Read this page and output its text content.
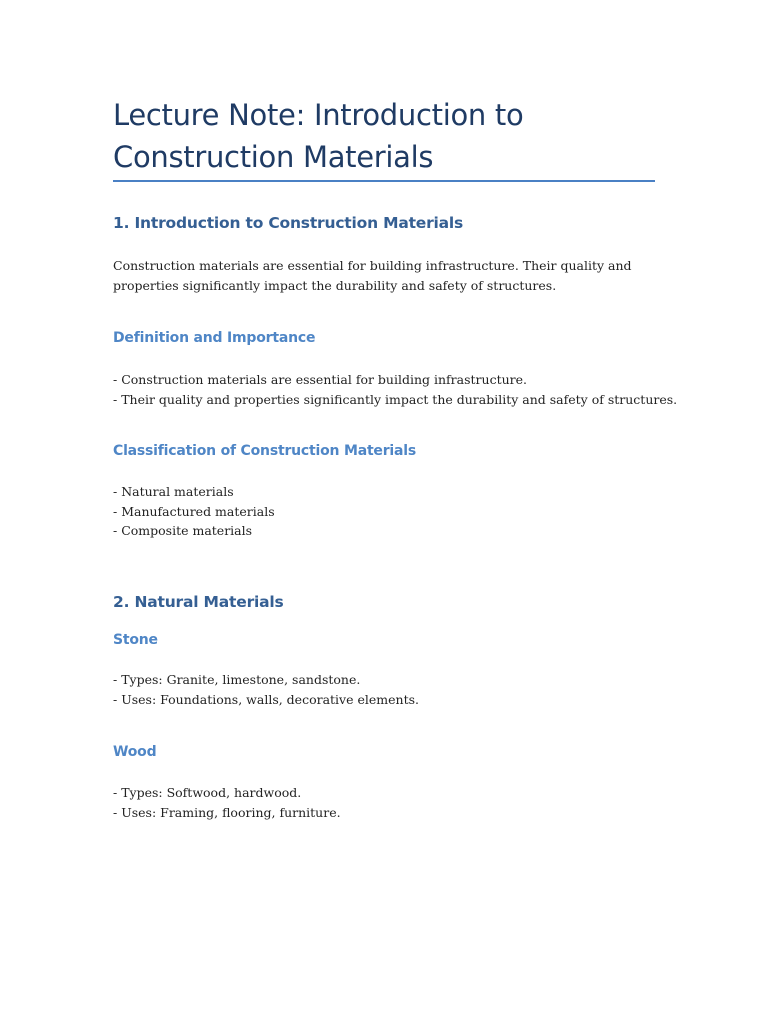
Lecture Note: Introduction to
Construction Materials
1. Introduction to Construction Materials

Construction materials are essential for building infrastructure. Their quality and
properties significantly impact the durability and safety of structures.

Definition and Importance
- Construction materials are essential for building infrastructure.
- Their quality and properties significantly impact the durability and safety of structures.
Classification of Construction Materials
- Natural materials
- Manufactured materials
- Composite materials
2. Natural Materials
Stone
- Types: Granite, limestone, sandstone.
- Uses: Foundations, walls, decorative elements.
Wood
- Types: Softwood, hardwood.
- Uses: Framing, flooring, furniture.
